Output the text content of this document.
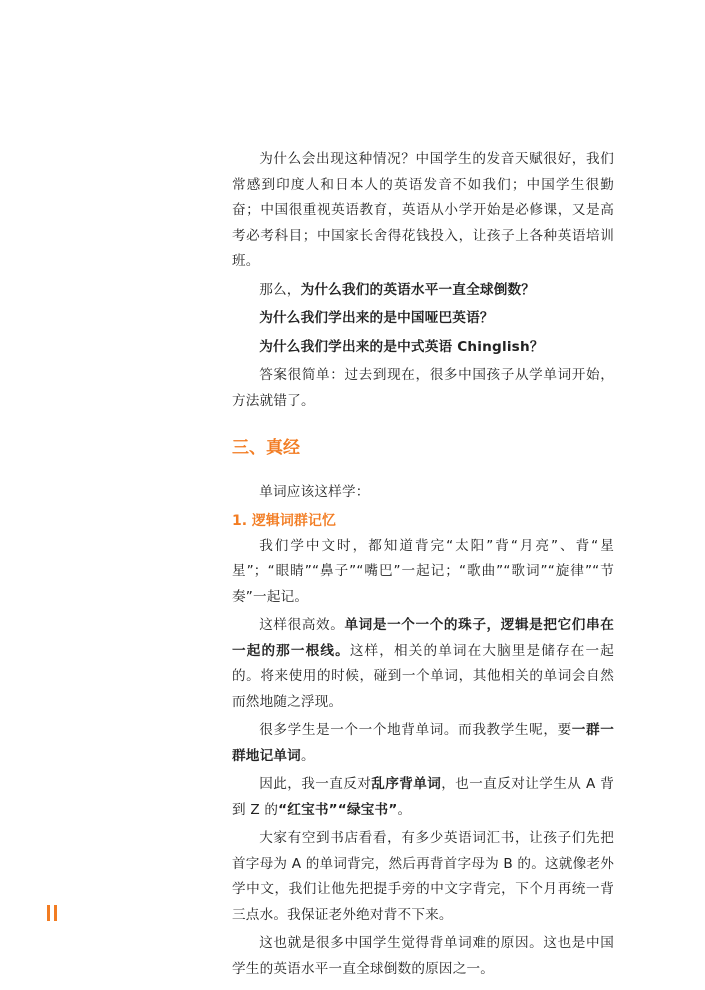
为什么会出现这种情况？中国学生的发音天赋很好，我们常感到印度人和日本人的英语发音不如我们；中国学生很勤奋；中国很重视英语教育，英语从小学开始是必修课，又是高考必考科目；中国家长舍得花钱投入，让孩子上各种英语培训班。

那么，为什么我们的英语水平一直全球倒数？

为什么我们学出来的是中国哑巴英语？

为什么我们学出来的是中式英语 Chinglish？

答案很简单：过去到现在，很多中国孩子从学单词开始，方法就错了。

三、真经

单词应该这样学：

1. 逻辑词群记忆

我们学中文时，都知道背完“太阳”背“月亮”、背“星星”；“眼睛”“鼻子”“嘴巴”一起记；“歌曲”“歌词”“旋律”“节奏”一起记。

这样很高效。单词是一个一个的珠子，逻辑是把它们串在一起的那一根线。这样，相关的单词在大脑里是储存在一起的。将来使用的时候，碰到一个单词，其他相关的单词会自然而然地随之浮现。

很多学生是一个一个地背单词。而我教学生呢，要一群一群地记单词。

因此，我一直反对乱序背单词，也一直反对让学生从 A 背到 Z 的“红宝书”“绿宝书”。

大家有空到书店看看，有多少英语词汇书，让孩子们先把首字母为 A 的单词背完，然后再背首字母为 B 的。这就像老外学中文，我们让他先把提手旁的中文字背完，下个月再统一背三点水。我保证老外绝对背不下来。

这也就是很多中国学生觉得背单词难的原因。这也是中国学生的英语水平一直全球倒数的原因之一。
